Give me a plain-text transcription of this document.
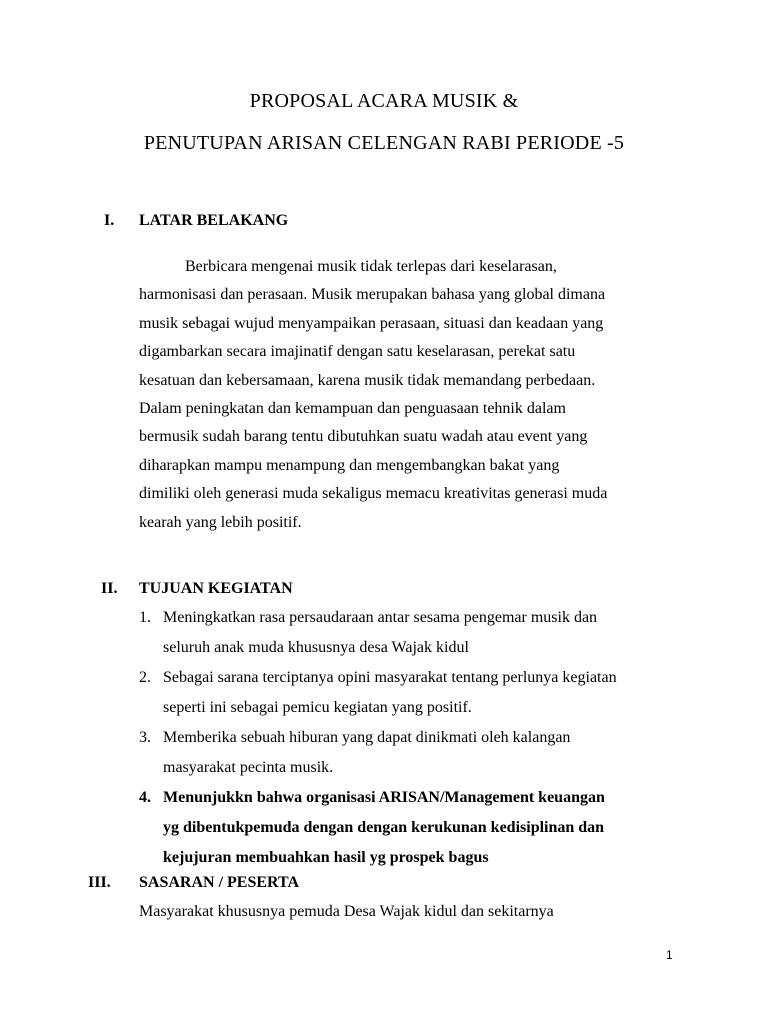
PROPOSAL ACARA MUSIK &
PENUTUPAN ARISAN CELENGAN RABI PERIODE -5
I. LATAR BELAKANG
Berbicara mengenai musik tidak terlepas dari keselarasan,
harmonisasi dan perasaan. Musik merupakan bahasa yang global dimana
musik sebagai wujud menyampaikan perasaan, situasi dan keadaan yang
digambarkan secara imajinatif dengan satu keselarasan, perekat satu
kesatuan dan kebersamaan, karena musik tidak memandang perbedaan.
Dalam peningkatan dan kemampuan dan penguasaan tehnik dalam
bermusik sudah barang tentu dibutuhkan suatu wadah atau event yang
diharapkan mampu menampung dan mengembangkan bakat yang
dimiliki oleh generasi muda sekaligus memacu kreativitas generasi muda
kearah yang lebih positif.
II. TUJUAN KEGIATAN
1. Meningkatkan rasa persaudaraan antar sesama pengemar musik dan
seluruh anak muda khususnya desa Wajak kidul
2. Sebagai sarana terciptanya opini masyarakat tentang perlunya kegiatan
seperti ini sebagai pemicu kegiatan yang positif.
3. Memberika sebuah hiburan yang dapat dinikmati oleh kalangan
masyarakat pecinta musik.
4. Menunjukkn bahwa organisasi ARISAN/Management keuangan
yg dibentukpemuda dengan dengan kerukunan kedisiplinan dan
kejujuran membuahkan hasil yg prospek bagus
III. SASARAN / PESERTA
Masyarakat khususnya pemuda Desa Wajak kidul dan sekitarnya
1
